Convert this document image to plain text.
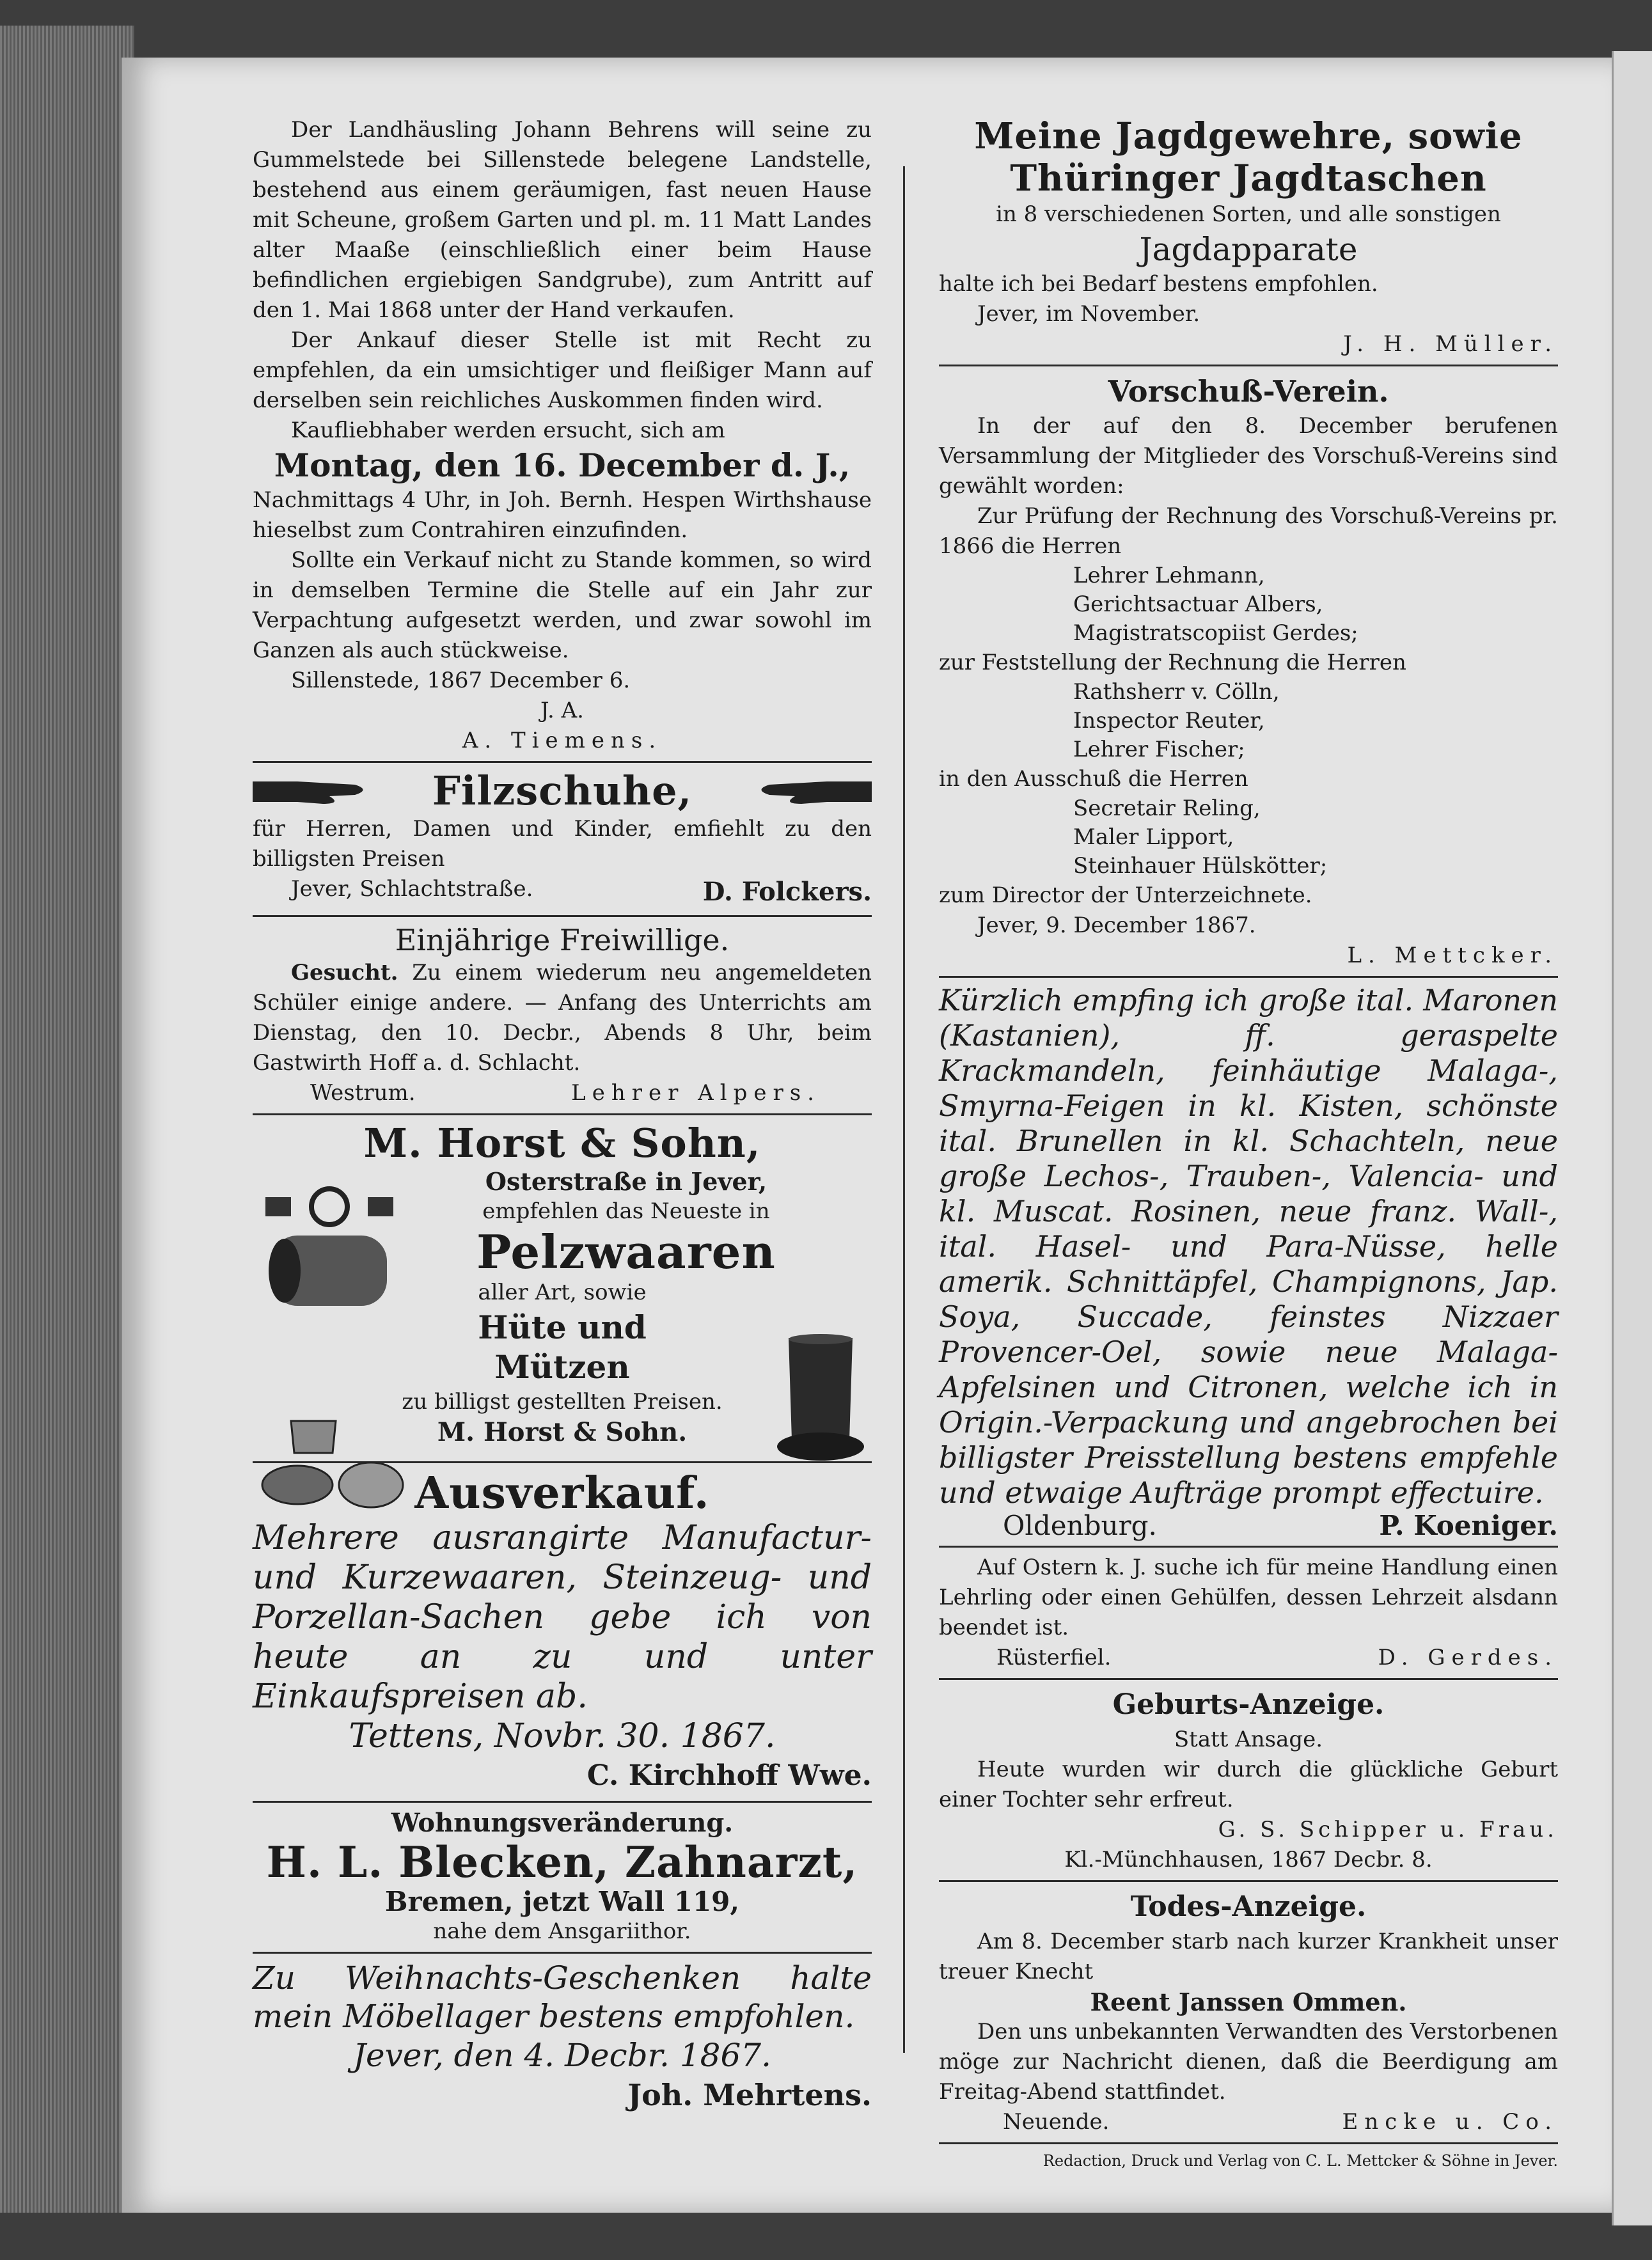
Der Landhäusling Johann Behrens will seine zu Gummelstede bei Sillenstede belegene Landstelle, bestehend aus einem geräumigen, fast neuen Hause mit Scheune, großem Garten und pl. m. 11 Matt Landes alter Maaße (einschließlich einer beim Hause befindlichen ergiebigen Sandgrube), zum Antritt auf den 1. Mai 1868 unter der Hand verkaufen.

Der Ankauf dieser Stelle ist mit Recht zu empfehlen, da ein umsichtiger und fleißiger Mann auf derselben sein reichliches Auskommen finden wird.

Kaufliebhaber werden ersucht, sich am

Montag, den 16. December d. J.,

Nachmittags 4 Uhr, in Joh. Bernh. Hespen Wirthshause hieselbst zum Contrahiren einzufinden.

Sollte ein Verkauf nicht zu Stande kommen, so wird in demselben Termine die Stelle auf ein Jahr zur Verpachtung aufgesetzt werden, und zwar sowohl im Ganzen als auch stückweise.

Sillenstede, 1867 December 6.

J. A.

A. Tiemens.

Filzschuhe,

für Herren, Damen und Kinder, emfiehlt zu den billigsten Preisen

Jever, Schlachtstraße.	D. Folckers.

Einjährige Freiwillige.

Gesucht. Zu einem wiederum neu angemeldeten Schüler einige andere. — Anfang des Unterrichts am Dienstag, den 10. Decbr., Abends 8 Uhr, beim Gastwirth Hoff a. d. Schlacht.

Westrum.	Lehrer Alpers.

M. Horst & Sohn,

Osterstraße in Jever,

empfehlen das Neueste in

Pelzwaaren

aller Art, sowie

Hüte und

Mützen

zu billigst gestellten Preisen.

M. Horst & Sohn.

Ausverkauf.

Mehrere ausrangirte Manufactur- und Kurzewaaren, Steinzeug- und Porzellan-Sachen gebe ich von heute an zu und unter Einkaufspreisen ab.

Tettens, Novbr. 30. 1867.

C. Kirchhoff Wwe.

Wohnungsveränderung.

H. L. Blecken, Zahnarzt,

Bremen, jetzt Wall 119,

nahe dem Ansgariithor.

Zu Weihnachts-Geschenken halte mein Möbellager bestens empfohlen.

Jever, den 4. Decbr. 1867.

Joh. Mehrtens.

Meine Jagdgewehre, sowie

Thüringer Jagdtaschen

in 8 verschiedenen Sorten, und alle sonstigen

Jagdapparate

halte ich bei Bedarf bestens empfohlen.

Jever, im November.

J. H. Müller.

Vorschuß-Verein.

In der auf den 8. December berufenen Versammlung der Mitglieder des Vorschuß-Vereins sind gewählt worden:

Zur Prüfung der Rechnung des Vorschuß-Vereins pr. 1866 die Herren

Lehrer Lehmann,
Gerichtsactuar Albers,
Magistratscopiist Gerdes;

zur Feststellung der Rechnung die Herren

Rathsherr v. Cölln,
Inspector Reuter,
Lehrer Fischer;

in den Ausschuß die Herren

Secretair Reling,
Maler Lipport,
Steinhauer Hülskötter;

zum Director der Unterzeichnete.

Jever, 9. December 1867.

L. Mettcker.

Kürzlich empfing ich große ital. Maronen (Kastanien), ff. geraspelte Krackmandeln, feinhäutige Malaga-, Smyrna-Feigen in kl. Kisten, schönste ital. Brunellen in kl. Schachteln, neue große Lechos-, Trauben-, Valencia- und kl. Muscat. Rosinen, neue franz. Wall-, ital. Hasel- und Para-Nüsse, helle amerik. Schnittäpfel, Champignons, Jap. Soya, Succade, feinstes Nizzaer Provencer-Oel, sowie neue Malaga-Apfelsinen und Citronen, welche ich in Origin.-Verpackung und angebrochen bei billigster Preisstellung bestens empfehle und etwaige Aufträge prompt effectuire.

Oldenburg.	P. Koeniger.

Auf Ostern k. J. suche ich für meine Handlung einen Lehrling oder einen Gehülfen, dessen Lehrzeit alsdann beendet ist.

Rüsterfiel.	D. Gerdes.

Geburts-Anzeige.

Statt Ansage.

Heute wurden wir durch die glückliche Geburt einer Tochter sehr erfreut.

G. S. Schipper u. Frau.

Kl.-Münchhausen, 1867 Decbr. 8.

Todes-Anzeige.

Am 8. December starb nach kurzer Krankheit unser treuer Knecht

Reent Janssen Ommen.

Den uns unbekannten Verwandten des Verstorbenen möge zur Nachricht dienen, daß die Beerdigung am Freitag-Abend stattfindet.

Neuende.	Encke u. Co.

Redaction, Druck und Verlag von C. L. Mettcker & Söhne in Jever.
